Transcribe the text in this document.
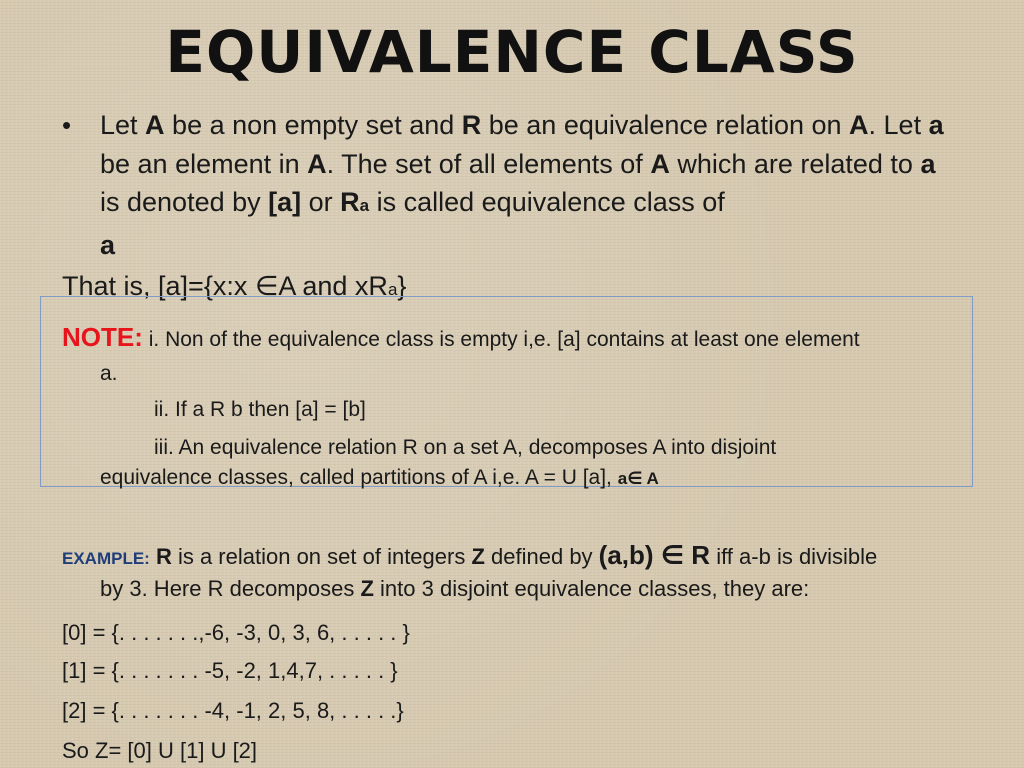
EQUIVALENCE CLASS
• Let A be a non empty set and R be an equivalence relation on A. Let a be an element in A. The set of all elements of A which are related to a is denoted by [a] or Ra is called equivalence class of
a
That is, [a]={x:x ∈A and xRa}
NOTE: i. Non of the equivalence class is empty i,e. [a] contains at least one element
a.
ii. If a R b then [a] = [b]
iii. An equivalence relation R on a set A, decomposes A into disjoint
equivalence classes, called partitions of A i,e. A = U [a], a∈ A
EXAMPLE: R is a relation on set of integers Z defined by (a,b) ∈ R iff a-b is divisible
by 3. Here R decomposes Z into 3 disjoint equivalence classes, they are:
[0] = {. . . . . . .,-6, -3, 0, 3, 6, . . . . . }
[1] = {. . . . . . . -5, -2, 1,4,7, . . . . . }
[2] = {. . . . . . . -4, -1, 2, 5, 8, . . . . .}
So Z= [0] U [1] U [2]
